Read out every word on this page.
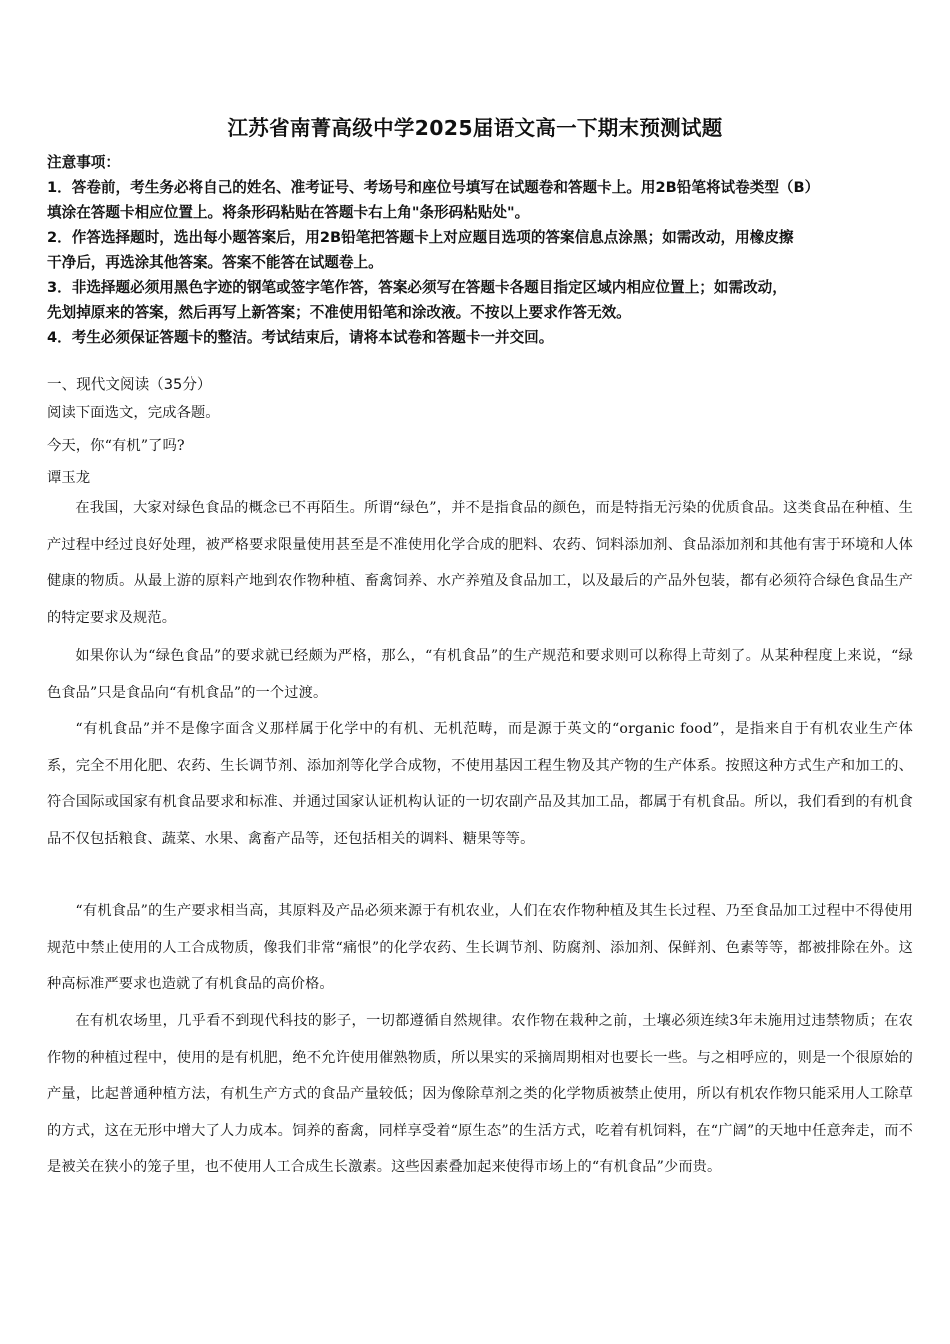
江苏省南菁高级中学2025届语文高一下期末预测试题
注意事项：
1．答卷前，考生务必将自己的姓名、准考证号、考场号和座位号填写在试题卷和答题卡上。用2B铅笔将试卷类型（B）
填涂在答题卡相应位置上。将条形码粘贴在答题卡右上角"条形码粘贴处"。
2．作答选择题时，选出每小题答案后，用2B铅笔把答题卡上对应题目选项的答案信息点涂黑；如需改动，用橡皮擦
干净后，再选涂其他答案。答案不能答在试题卷上。
3．非选择题必须用黑色字迹的钢笔或签字笔作答，答案必须写在答题卡各题目指定区域内相应位置上；如需改动，
先划掉原来的答案，然后再写上新答案；不准使用铅笔和涂改液。不按以上要求作答无效。
4．考生必须保证答题卡的整洁。考试结束后，请将本试卷和答题卡一并交回。
一、现代文阅读（35分）
阅读下面选文，完成各题。
今天，你“有机”了吗?
谭玉龙
在我国，大家对绿色食品的概念已不再陌生。所谓“绿色”，并不是指食品的颜色，而是特指无污染的优质食品。这类食品在种植、生产过程中经过良好处理，被严格要求限量使用甚至是不准使用化学合成的肥料、农药、饲料添加剂、食品添加剂和其他有害于环境和人体健康的物质。从最上游的原料产地到农作物种植、畜禽饲养、水产养殖及食品加工，以及最后的产品外包装，都有必须符合绿色食品生产的特定要求及规范。
如果你认为“绿色食品”的要求就已经颇为严格，那么，“有机食品”的生产规范和要求则可以称得上苛刻了。从某种程度上来说，“绿色食品”只是食品向“有机食品”的一个过渡。
“有机食品”并不是像字面含义那样属于化学中的有机、无机范畴，而是源于英文的“organic food”，是指来自于有机农业生产体系，完全不用化肥、农药、生长调节剂、添加剂等化学合成物，不使用基因工程生物及其产物的生产体系。按照这种方式生产和加工的、符合国际或国家有机食品要求和标准、并通过国家认证机构认证的一切农副产品及其加工品，都属于有机食品。所以，我们看到的有机食品不仅包括粮食、蔬菜、水果、禽畜产品等，还包括相关的调料、糖果等等。
“有机食品”的生产要求相当高，其原料及产品必须来源于有机农业，人们在农作物种植及其生长过程、乃至食品加工过程中不得使用规范中禁止使用的人工合成物质，像我们非常“痛恨”的化学农药、生长调节剂、防腐剂、添加剂、保鲜剂、色素等等，都被排除在外。这种高标准严要求也造就了有机食品的高价格。
在有机农场里，几乎看不到现代科技的影子，一切都遵循自然规律。农作物在栽种之前，土壤必须连续3年未施用过违禁物质；在农作物的种植过程中，使用的是有机肥，绝不允许使用催熟物质，所以果实的采摘周期相对也要长一些。与之相呼应的，则是一个很原始的产量，比起普通种植方法，有机生产方式的食品产量较低；因为像除草剂之类的化学物质被禁止使用，所以有机农作物只能采用人工除草的方式，这在无形中增大了人力成本。饲养的畜禽，同样享受着“原生态”的生活方式，吃着有机饲料，在“广阔”的天地中任意奔走，而不是被关在狭小的笼子里，也不使用人工合成生长激素。这些因素叠加起来使得市场上的“有机食品”少而贵。
